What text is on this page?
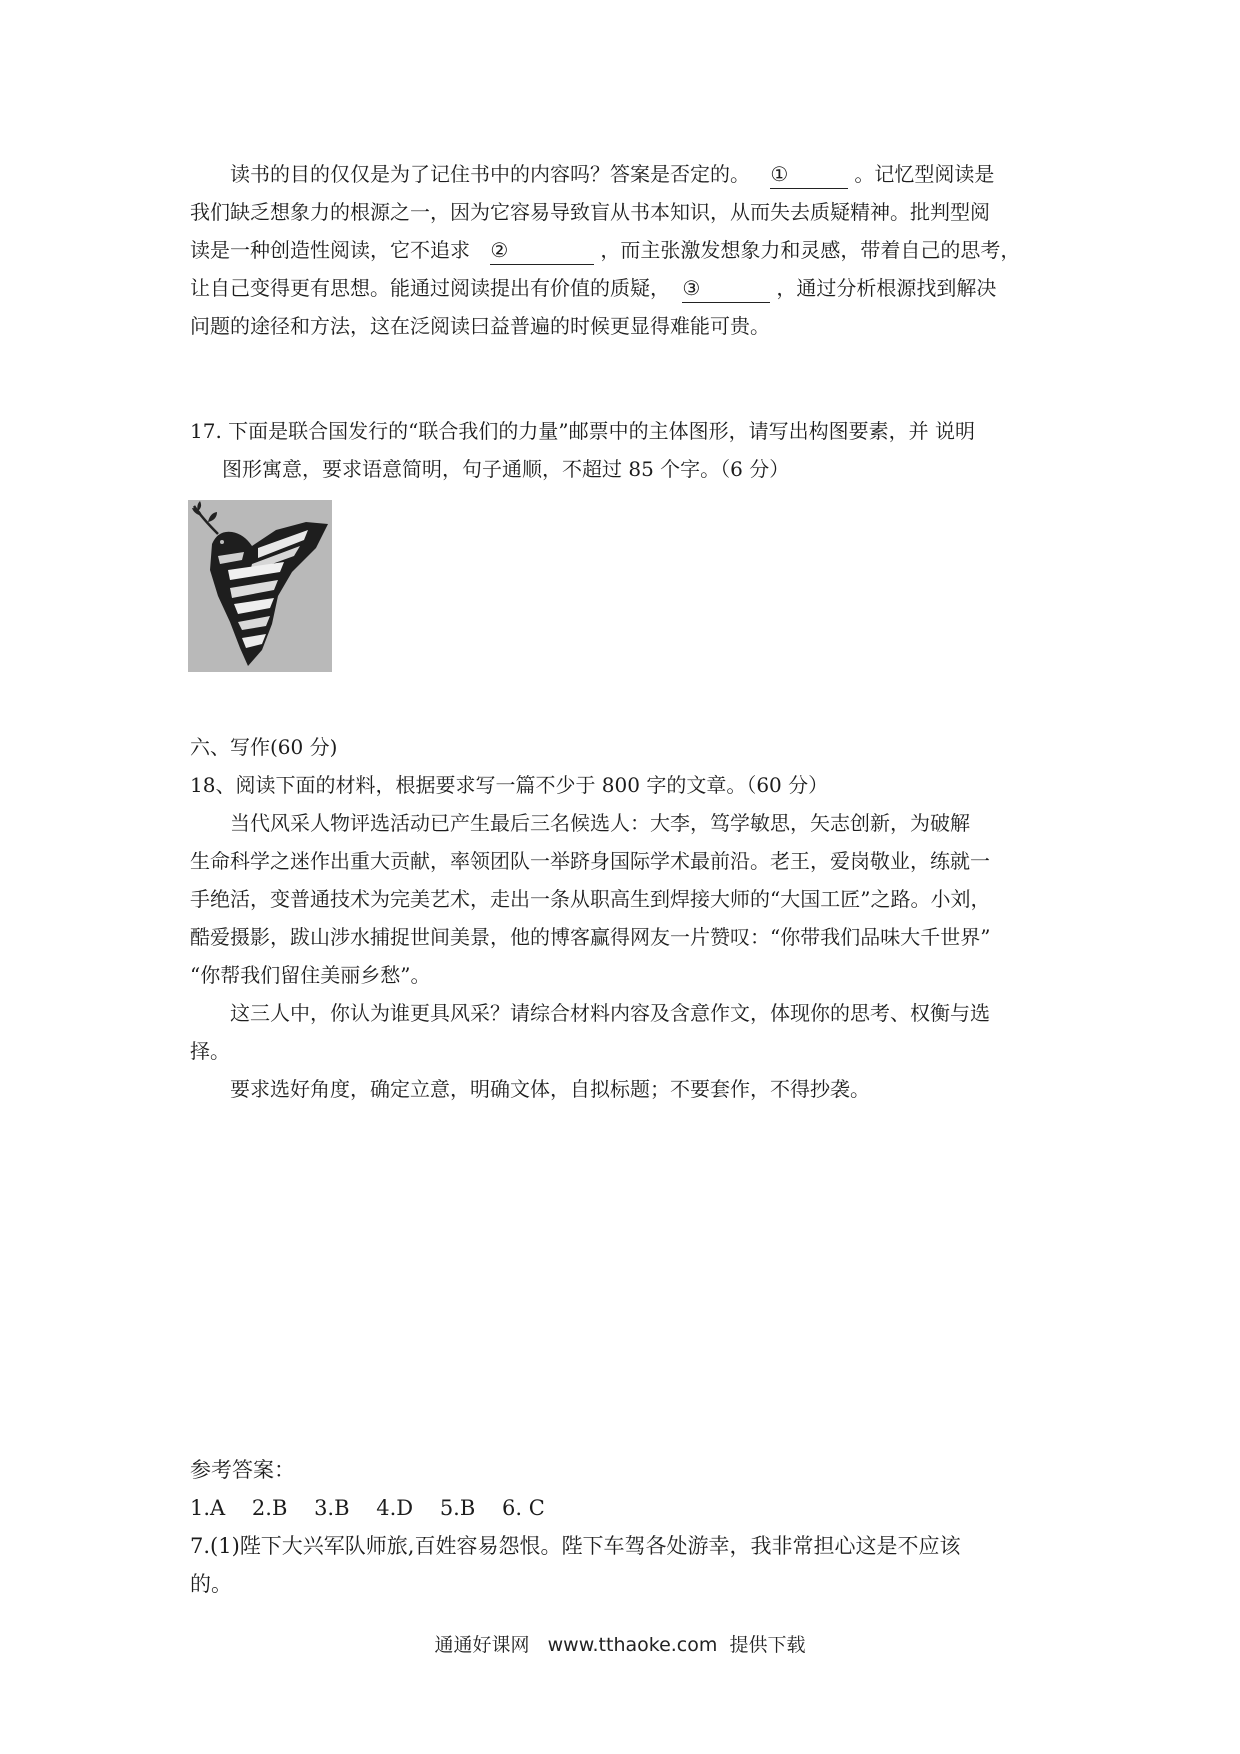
读书的目的仅仅是为了记住书中的内容吗？答案是否定的。 ①	。记忆型阅读是
我们缺乏想象力的根源之一，因为它容易导致盲从书本知识，从而失去质疑精神。批判型阅
读是一种创造性阅读，它不追求 ②	，而主张激发想象力和灵感，带着自己的思考，
让自己变得更有思想。能通过阅读提出有价值的质疑， ③	，通过分析根源找到解决
问题的途径和方法，这在泛阅读曰益普遍的时候更显得难能可贵。
17. 下面是联合国发行的“联合我们的力量”邮票中的主体图形，请写出构图要素，并 说明
图形寓意，要求语意简明，句子通顺，不超过 85 个字。（6 分）
六、写作(60 分)
18、阅读下面的材料，根据要求写一篇不少于 800 字的文章。（60 分）
当代风采人物评选活动已产生最后三名候选人：大李，笃学敏思，矢志创新，为破解
生命科学之迷作出重大贡献，率领团队一举跻身国际学术最前沿。老王，爱岗敬业，练就一
手绝活，变普通技术为完美艺术，走出一条从职高生到焊接大师的“大国工匠”之路。小刘，
酷爱摄影，跋山涉水捕捉世间美景，他的博客赢得网友一片赞叹：“你带我们品味大千世界”
“你帮我们留住美丽乡愁”。
这三人中，你认为谁更具风采？请综合材料内容及含意作文，体现你的思考、权衡与选
择。
要求选好角度，确定立意，明确文体，自拟标题；不要套作，不得抄袭。
参考答案：
1.A    2.B    3.B    4.D    5.B    6. C
7.(1)陛下大兴军队师旅,百姓容易怨恨。陛下车驾各处游幸，我非常担心这是不应该
的。
通通好课网   www.tthaoke.com  提供下载
